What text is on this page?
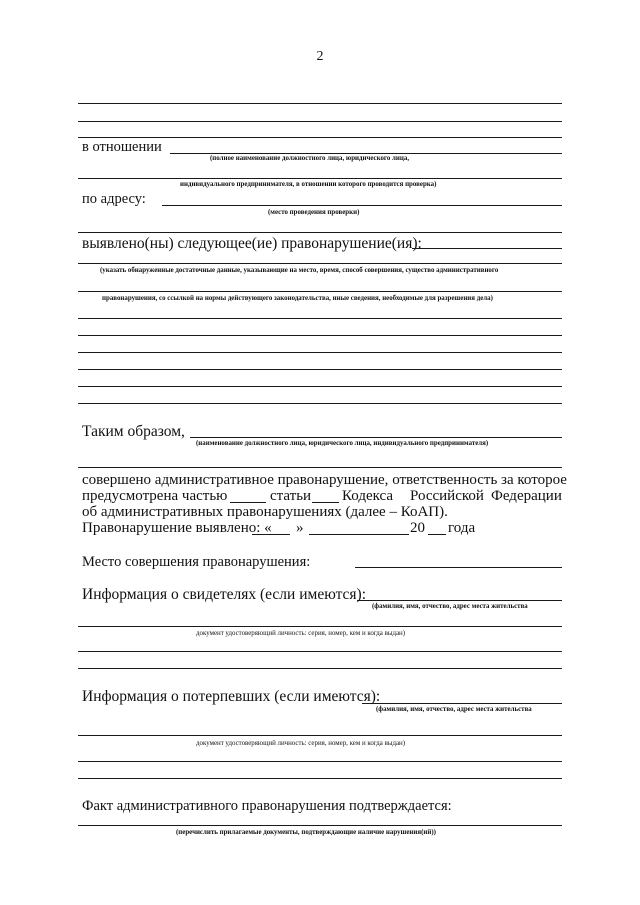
2
в отношении
(полное наименование должностного лица, юридического лица,
индивидуального предпринимателя, в отношении которого проводится проверка)
по адресу:
(место проведения проверки)
выявлено(ны) следующее(ие) правонарушение(ия):
(указать обнаруженные достаточные данные, указывающие на место, время, способ совершения, существо административного
правонарушения, со ссылкой на нормы действующего законодательства, иные сведения, необходимые для разрешения дела)
Таким образом,
(наименование должностного лица, юридического лица, индивидуального предпринимателя)
совершено административное правонарушение, ответственность за которое
предусмотрена частью	статьи Кодекса Российской Федерации
об административных правонарушениях (далее – КоАП).
Правонарушение выявлено: « »	20 года
Место совершения правонарушения:
Информация о свидетелях (если имеются):
(фамилия, имя, отчество, адрес места жительства
документ удостоверяющий личность: серия, номер, кем и когда выдан)
Информация о потерпевших (если имеются):
(фамилия, имя, отчество, адрес места жительства
документ удостоверяющий личность: серия, номер, кем и когда выдан)
Факт административного правонарушения подтверждается:
(перечислить прилагаемые документы, подтверждающие наличие нарушения(ий))
